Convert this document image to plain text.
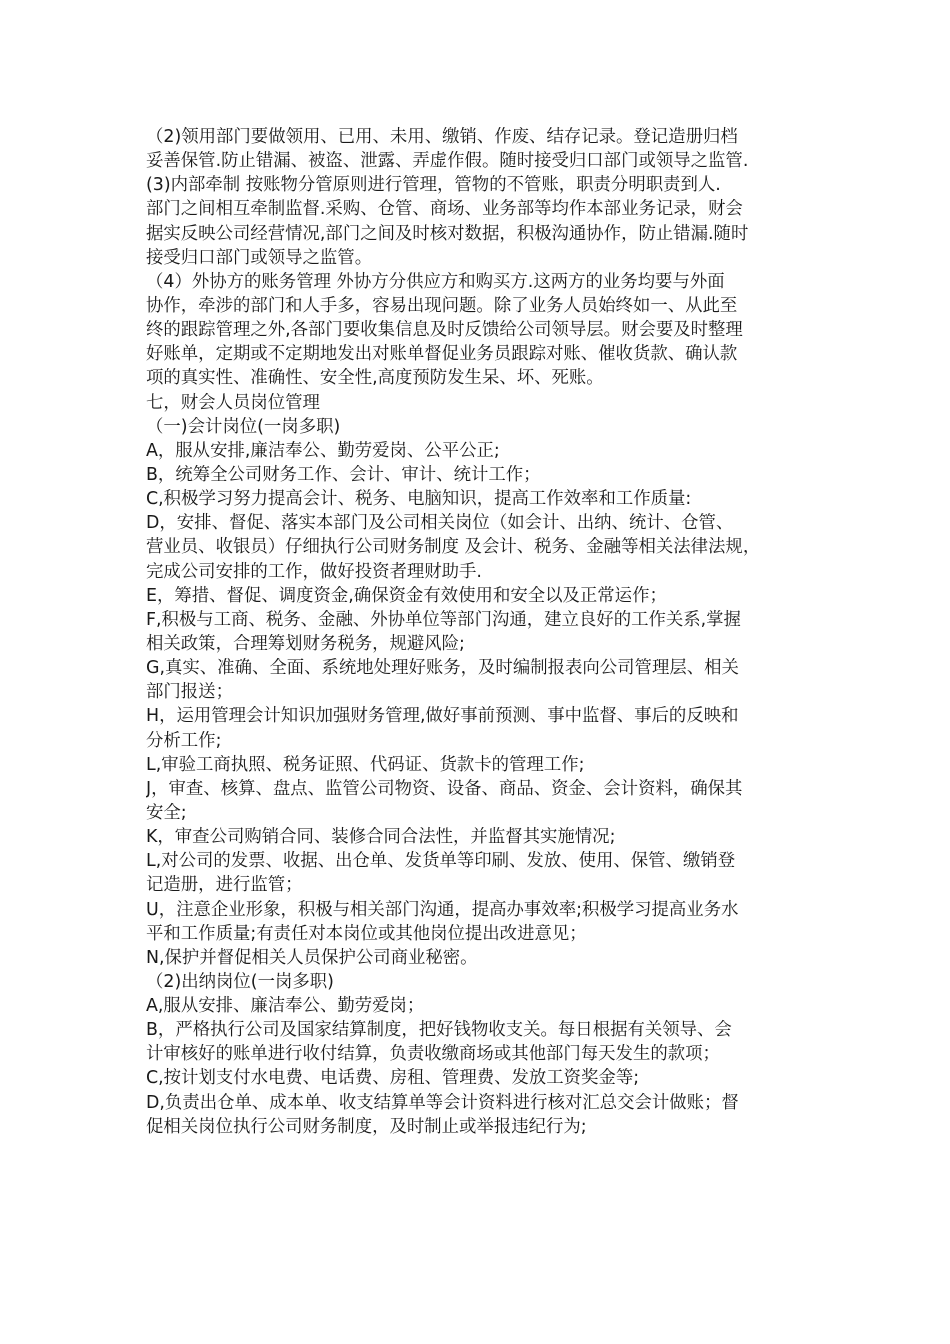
（2)领用部门要做领用、已用、未用、缴销、作废、结存记录。登记造册归档
妥善保管.防止错漏、被盗、泄露、弄虚作假。随时接受归口部门或领导之监管.
(3)内部牵制 按账物分管原则进行管理，管物的不管账，职责分明职责到人.
部门之间相互牵制监督.采购、仓管、商场、业务部等均作本部业务记录，财会
据实反映公司经营情况,部门之间及时核对数据，积极沟通协作，防止错漏.随时
接受归口部门或领导之监管。
（4）外协方的账务管理 外协方分供应方和购买方.这两方的业务均要与外面
协作，牵涉的部门和人手多，容易出现问题。除了业务人员始终如一、从此至
终的跟踪管理之外,各部门要收集信息及时反馈给公司领导层。财会要及时整理
好账单，定期或不定期地发出对账单督促业务员跟踪对账、催收货款、确认款
项的真实性、准确性、安全性,高度预防发生呆、坏、死账。
七，财会人员岗位管理
（一)会计岗位(一岗多职)
A，服从安排,廉洁奉公、勤劳爱岗、公平公正;
B，统筹全公司财务工作、会计、审计、统计工作；
C,积极学习努力提高会计、税务、电脑知识，提高工作效率和工作质量:
D，安排、督促、落实本部门及公司相关岗位（如会计、出纳、统计、仓管、
营业员、收银员）仔细执行公司财务制度 及会计、税务、金融等相关法律法规，
完成公司安排的工作，做好投资者理财助手.
E，筹措、督促、调度资金,确保资金有效使用和安全以及正常运作；
F,积极与工商、税务、金融、外协单位等部门沟通，建立良好的工作关系,掌握
相关政策，合理筹划财务税务，规避风险;
G,真实、准确、全面、系统地处理好账务，及时编制报表向公司管理层、相关
部门报送；
H，运用管理会计知识加强财务管理,做好事前预测、事中监督、事后的反映和
分析工作;
L,审验工商执照、税务证照、代码证、货款卡的管理工作;
J，审查、核算、盘点、监管公司物资、设备、商品、资金、会计资料，确保其
安全;
K，审查公司购销合同、装修合同合法性，并监督其实施情况;
L,对公司的发票、收据、出仓单、发货单等印刷、发放、使用、保管、缴销登
记造册，进行监管；
U，注意企业形象，积极与相关部门沟通，提高办事效率;积极学习提高业务水
平和工作质量;有责任对本岗位或其他岗位提出改进意见；
N,保护并督促相关人员保护公司商业秘密。
（2)出纳岗位(一岗多职)
A,服从安排、廉洁奉公、勤劳爱岗；
B，严格执行公司及国家结算制度，把好钱物收支关。每日根据有关领导、会
计审核好的账单进行收付结算，负责收缴商场或其他部门每天发生的款项；
C,按计划支付水电费、电话费、房租、管理费、发放工资奖金等;
D,负责出仓单、成本单、收支结算单等会计资料进行核对汇总交会计做账；督
促相关岗位执行公司财务制度，及时制止或举报违纪行为;
